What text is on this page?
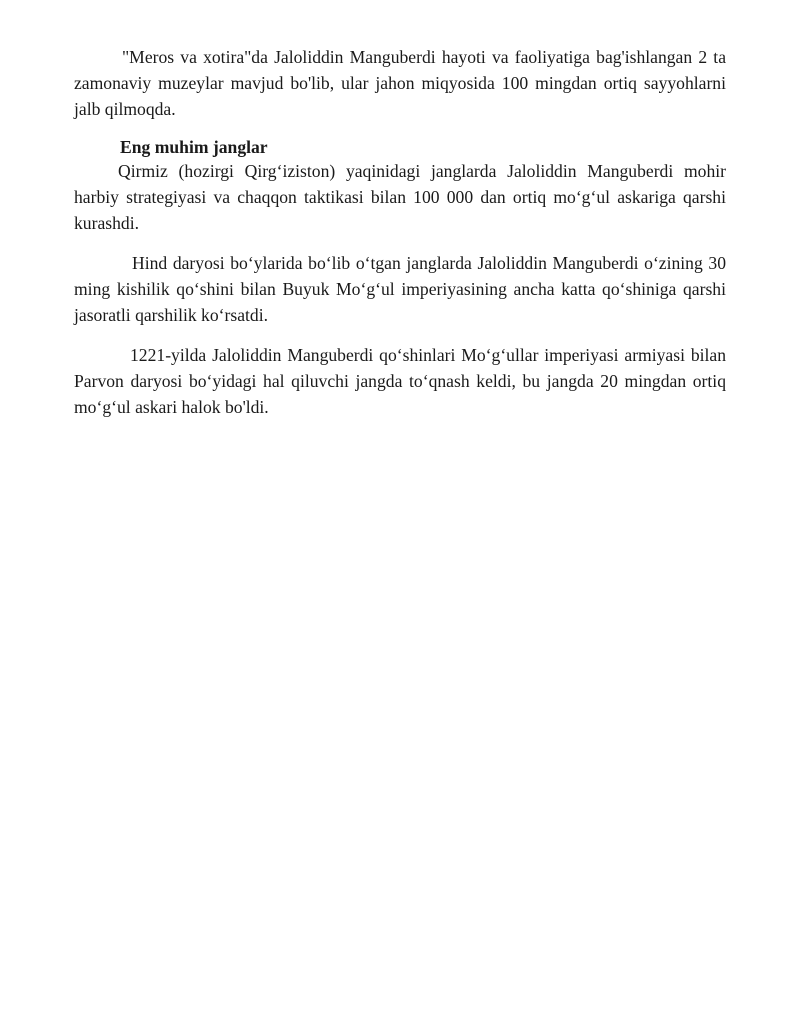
"Meros va xotira"da Jaloliddin Manguberdi hayoti va faoliyatiga bag'ishlangan 2 ta zamonaviy muzeylar mavjud bo'lib, ular jahon miqyosida 100 mingdan ortiq sayyohlarni jalb qilmoqda.

Eng muhim janglar

Qirmiz (hozirgi Qirg‘iziston) yaqinidagi janglarda Jaloliddin Manguberdi mohir harbiy strategiyasi va chaqqon taktikasi bilan 100 000 dan ortiq mo‘g‘ul askariga qarshi kurashdi.

Hind daryosi bo‘ylarida bo‘lib o‘tgan janglarda Jaloliddin Manguberdi o‘zining 30 ming kishilik qo‘shini bilan Buyuk Mo‘g‘ul imperiyasining ancha katta qo‘shiniga qarshi jasoratli qarshilik ko‘rsatdi.

1221-yilda Jaloliddin Manguberdi qo‘shinlari Mo‘g‘ullar imperiyasi armiyasi bilan Parvon daryosi bo‘yidagi hal qiluvchi jangda to‘qnash keldi, bu jangda 20 mingdan ortiq mo‘g‘ul askari halok bo'ldi.
